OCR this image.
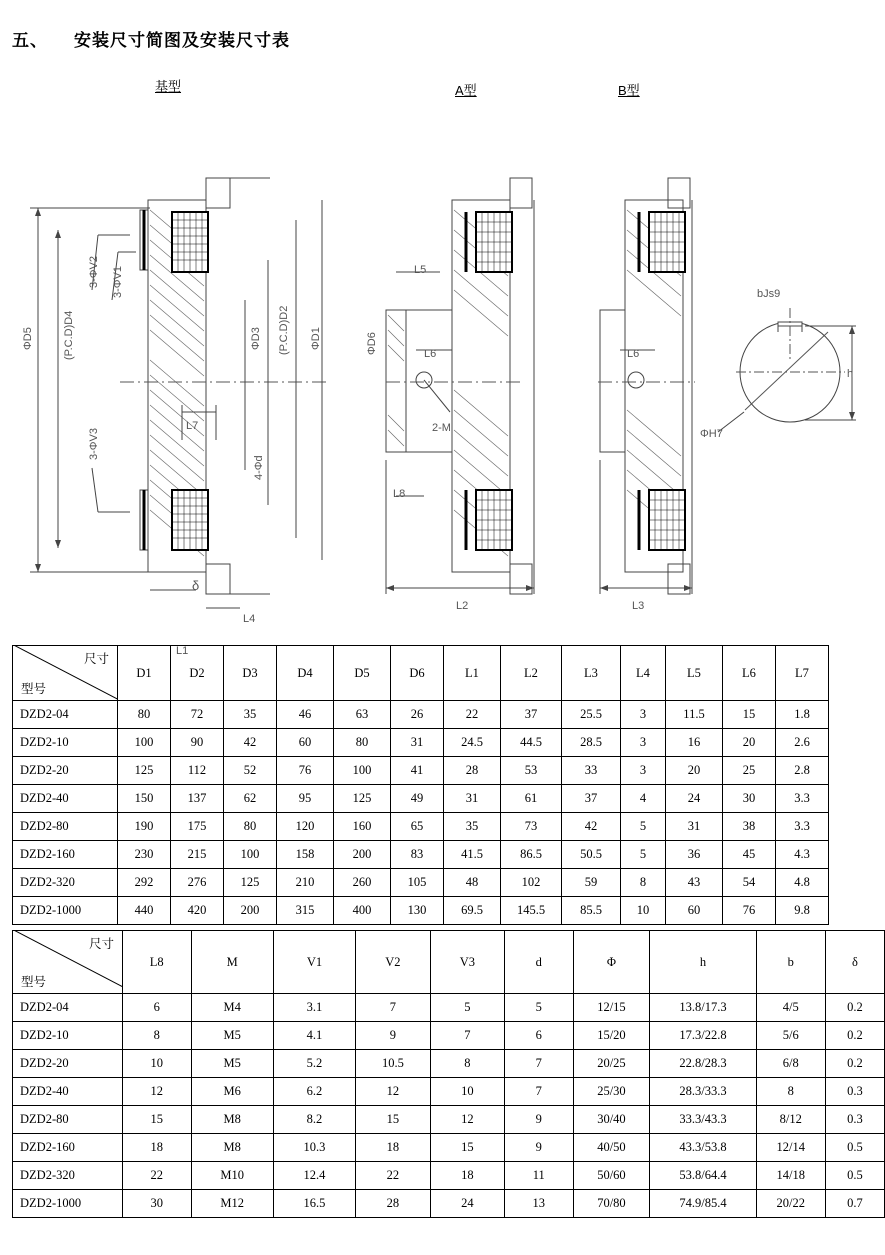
五、 安装尺寸简图及安装尺寸表
基型	A型	B型
ΦD5	(P.C.D)D4
3-ΦV2 3-ΦV1
3-ΦV3
ΦD3 (P.C.D)D2 ΦD1
4-Φd
L7
δ
L4
L1
L5
ΦD6	L6
2-M
L8
L2
L6
L3
bJs9
ΦH7
h
尺寸
型号	D1	D2	D3	D4	D5	D6	L1	L2	L3	L4	L5	L6	L7
DZD2-04	80	72	35	46	63	26	22	37	25.5	3	11.5	15	1.8
DZD2-10	100	90	42	60	80	31	24.5	44.5	28.5	3	16	20	2.6
DZD2-20	125	112	52	76	100	41	28	53	33	3	20	25	2.8
DZD2-40	150	137	62	95	125	49	31	61	37	4	24	30	3.3
DZD2-80	190	175	80	120	160	65	35	73	42	5	31	38	3.3
DZD2-160	230	215	100	158	200	83	41.5	86.5	50.5	5	36	45	4.3
DZD2-320	292	276	125	210	260	105	48	102	59	8	43	54	4.8
DZD2-1000	440	420	200	315	400	130	69.5	145.5	85.5	10	60	76	9.8
尺寸
型号	L8	M	V1	V2	V3	d	Φ	h	b	δ
DZD2-04	6	M4	3.1	7	5	5	12/15	13.8/17.3	4/5	0.2
DZD2-10	8	M5	4.1	9	7	6	15/20	17.3/22.8	5/6	0.2
DZD2-20	10	M5	5.2	10.5	8	7	20/25	22.8/28.3	6/8	0.2
DZD2-40	12	M6	6.2	12	10	7	25/30	28.3/33.3	8	0.3
DZD2-80	15	M8	8.2	15	12	9	30/40	33.3/43.3	8/12	0.3
DZD2-160	18	M8	10.3	18	15	9	40/50	43.3/53.8	12/14	0.5
DZD2-320	22	M10	12.4	22	18	11	50/60	53.8/64.4	14/18	0.5
DZD2-1000	30	M12	16.5	28	24	13	70/80	74.9/85.4	20/22	0.7
